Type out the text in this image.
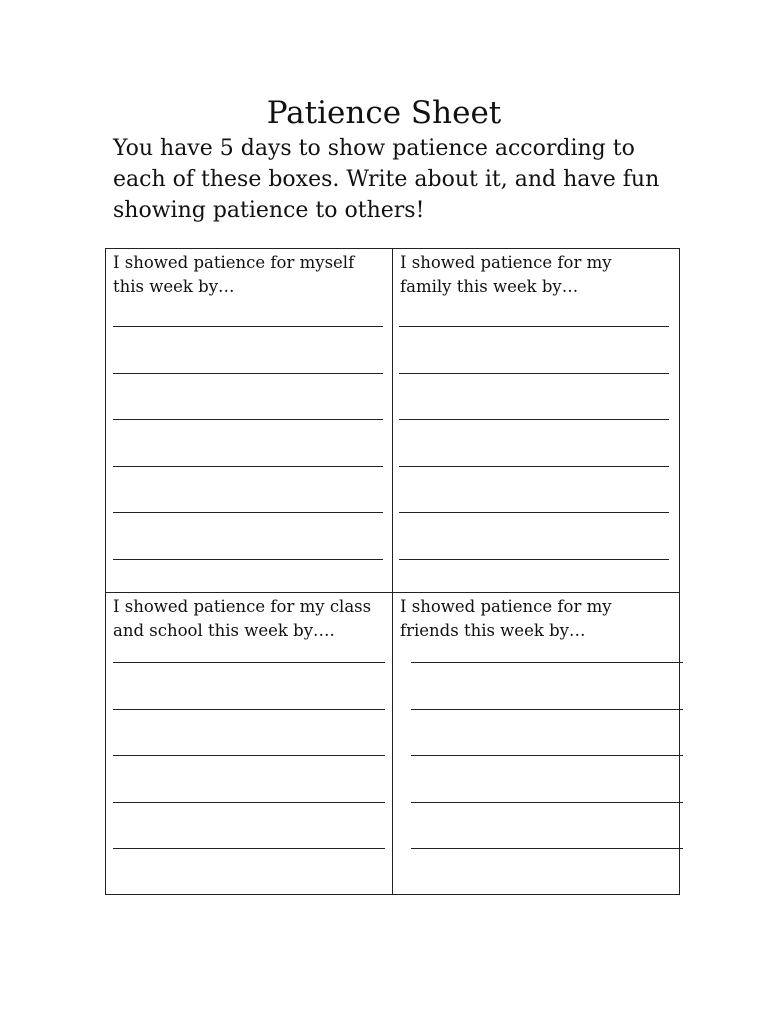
Patience Sheet

You have 5 days to show patience according to
each of these boxes. Write about it, and have fun
showing patience to others!

I showed patience for myself
this week by…

I showed patience for my
family this week by…

I showed patience for my class
and school this week by….

I showed patience for my
friends this week by…
